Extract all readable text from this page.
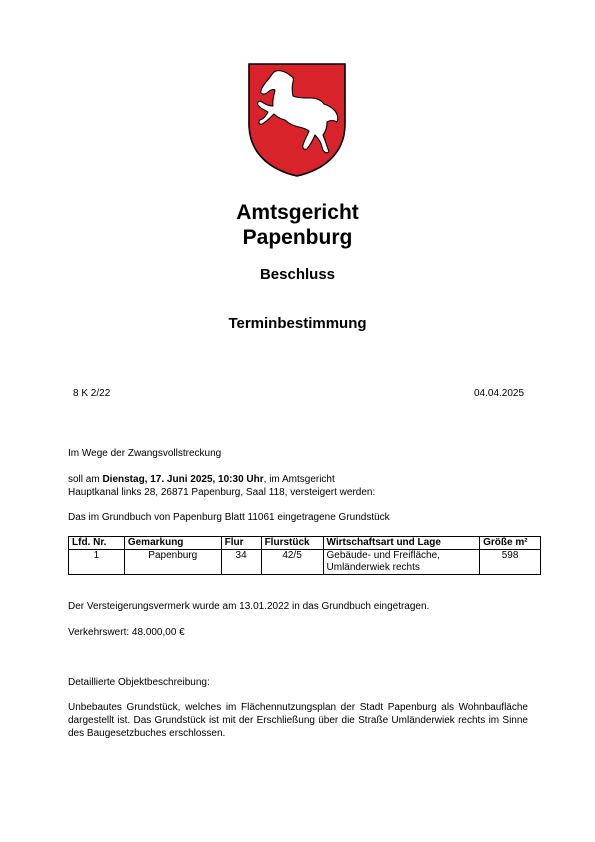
Amtsgericht
Papenburg
Beschluss
Terminbestimmung
8 K 2/22	04.04.2025
Im Wege der Zwangsvollstreckung
soll am Dienstag, 17. Juni 2025, 10:30 Uhr, im Amtsgericht
Hauptkanal links 28, 26871 Papenburg, Saal 118, versteigert werden:
Das im Grundbuch von Papenburg Blatt 11061 eingetragene Grundstück
Lfd. Nr.	Gemarkung	Flur	Flurstück	Wirtschaftsart und Lage	Größe m²
1	Papenburg	34	42/5	Gebäude- und Freifläche, Umländerwiek rechts	598
Der Versteigerungsvermerk wurde am 13.01.2022 in das Grundbuch eingetragen.
Verkehrswert: 48.000,00 €
Detaillierte Objektbeschreibung:
Unbebautes Grundstück, welches im Flächennutzungsplan der Stadt Papenburg als Wohnbaufläche dargestellt ist. Das Grundstück ist mit der Erschließung über die Straße Umländerwiek rechts im Sinne des Baugesetzbuches erschlossen.
